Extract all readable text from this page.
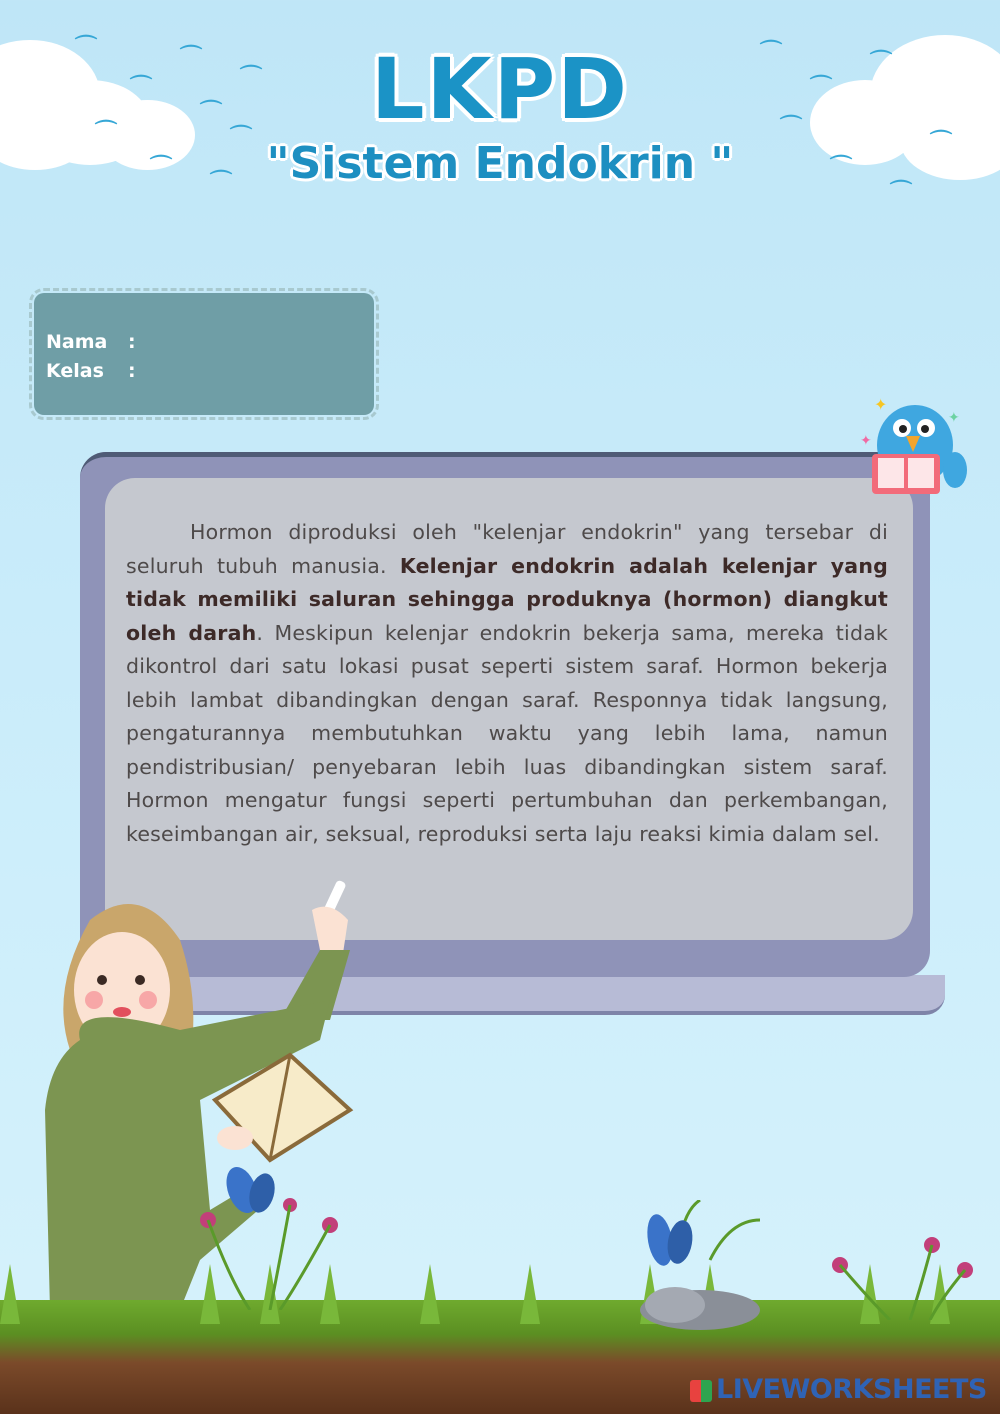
⌒	⌒
⌒
⌒
⌒
⌒	⌒
⌒
⌒
⌒	⌒
⌒
⌒
⌒
⌒
⌒
LKPD
"Sistem Endokrin "
Nama :
Kelas :
Hormon diproduksi oleh "kelenjar endokrin" yang tersebar di seluruh tubuh manusia. Kelenjar endokrin adalah kelenjar yang tidak memiliki saluran sehingga produknya (hormon) diangkut oleh darah. Meskipun kelenjar endokrin bekerja sama, mereka tidak dikontrol dari satu lokasi pusat seperti sistem saraf. Hormon bekerja lebih lambat dibandingkan dengan saraf. Responnya tidak langsung, pengaturannya membutuhkan waktu yang lebih lama, namun pendistribusian/ penyebaran lebih luas dibandingkan sistem saraf. Hormon mengatur fungsi seperti pertumbuhan dan perkembangan, keseimbangan air, seksual, reproduksi serta laju reaksi kimia dalam sel.
✦
✦
✦
LIVEWORKSHEETS
